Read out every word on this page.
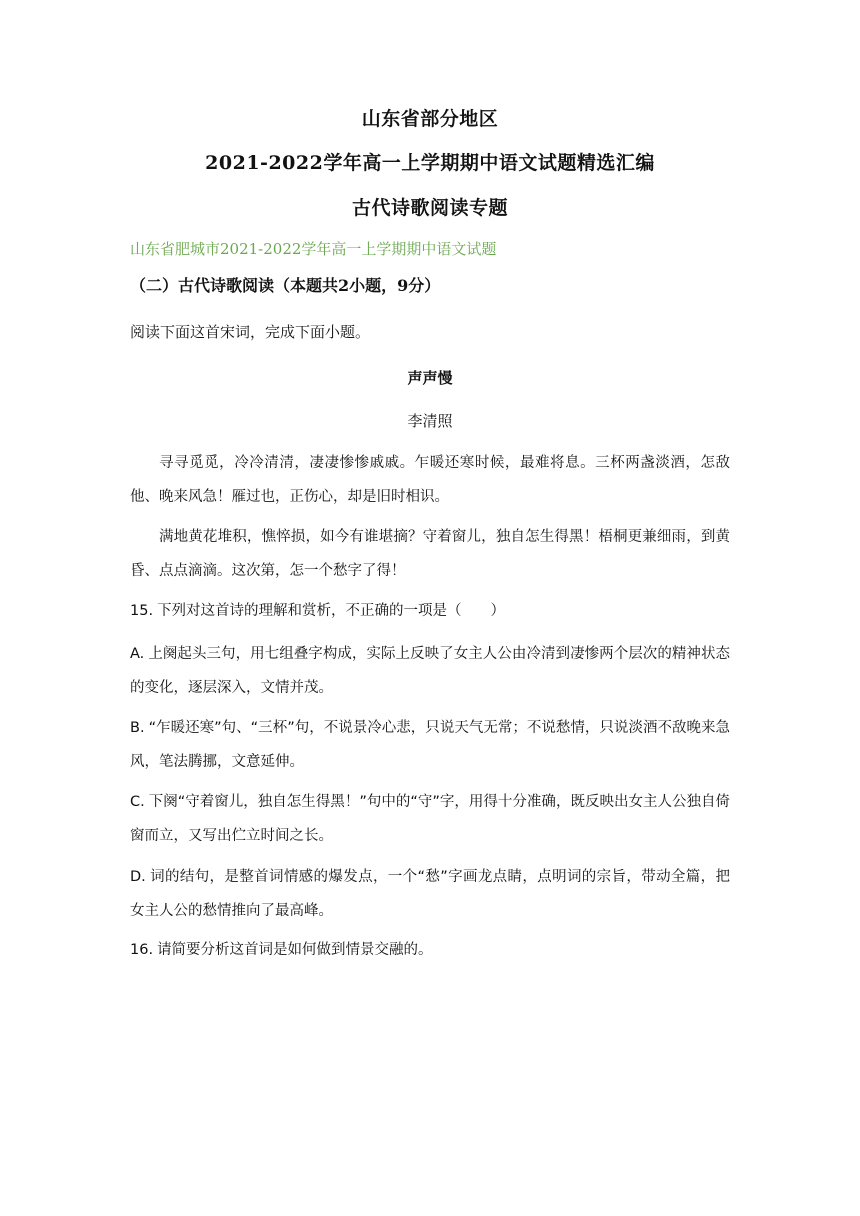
山东省部分地区
2021-2022学年高一上学期期中语文试题精选汇编
古代诗歌阅读专题
山东省肥城市2021-2022学年高一上学期期中语文试题
（二）古代诗歌阅读（本题共2小题，9分）
阅读下面这首宋词，完成下面小题。
声声慢
李清照
寻寻觅觅，冷冷清清，凄凄惨惨戚戚。乍暖还寒时候，最难将息。三杯两盏淡酒，怎敌他、晚来风急！雁过也，正伤心，却是旧时相识。
满地黄花堆积，憔悴损，如今有谁堪摘？守着窗儿，独自怎生得黑！梧桐更兼细雨，到黄昏、点点滴滴。这次第，怎一个愁字了得！
15. 下列对这首诗的理解和赏析，不正确的一项是（　　）
A. 上阕起头三句，用七组叠字构成，实际上反映了女主人公由冷清到凄惨两个层次的精神状态的变化，逐层深入，文情并茂。
B. “乍暖还寒”句、“三杯”句，不说景冷心悲，只说天气无常；不说愁情，只说淡酒不敌晚来急风，笔法腾挪，文意延伸。
C. 下阕“守着窗儿，独自怎生得黑！”句中的“守”字，用得十分准确，既反映出女主人公独自倚窗而立，又写出伫立时间之长。
D. 词的结句，是整首词情感的爆发点，一个“愁”字画龙点睛，点明词的宗旨，带动全篇，把女主人公的愁情推向了最高峰。
16. 请简要分析这首词是如何做到情景交融的。
